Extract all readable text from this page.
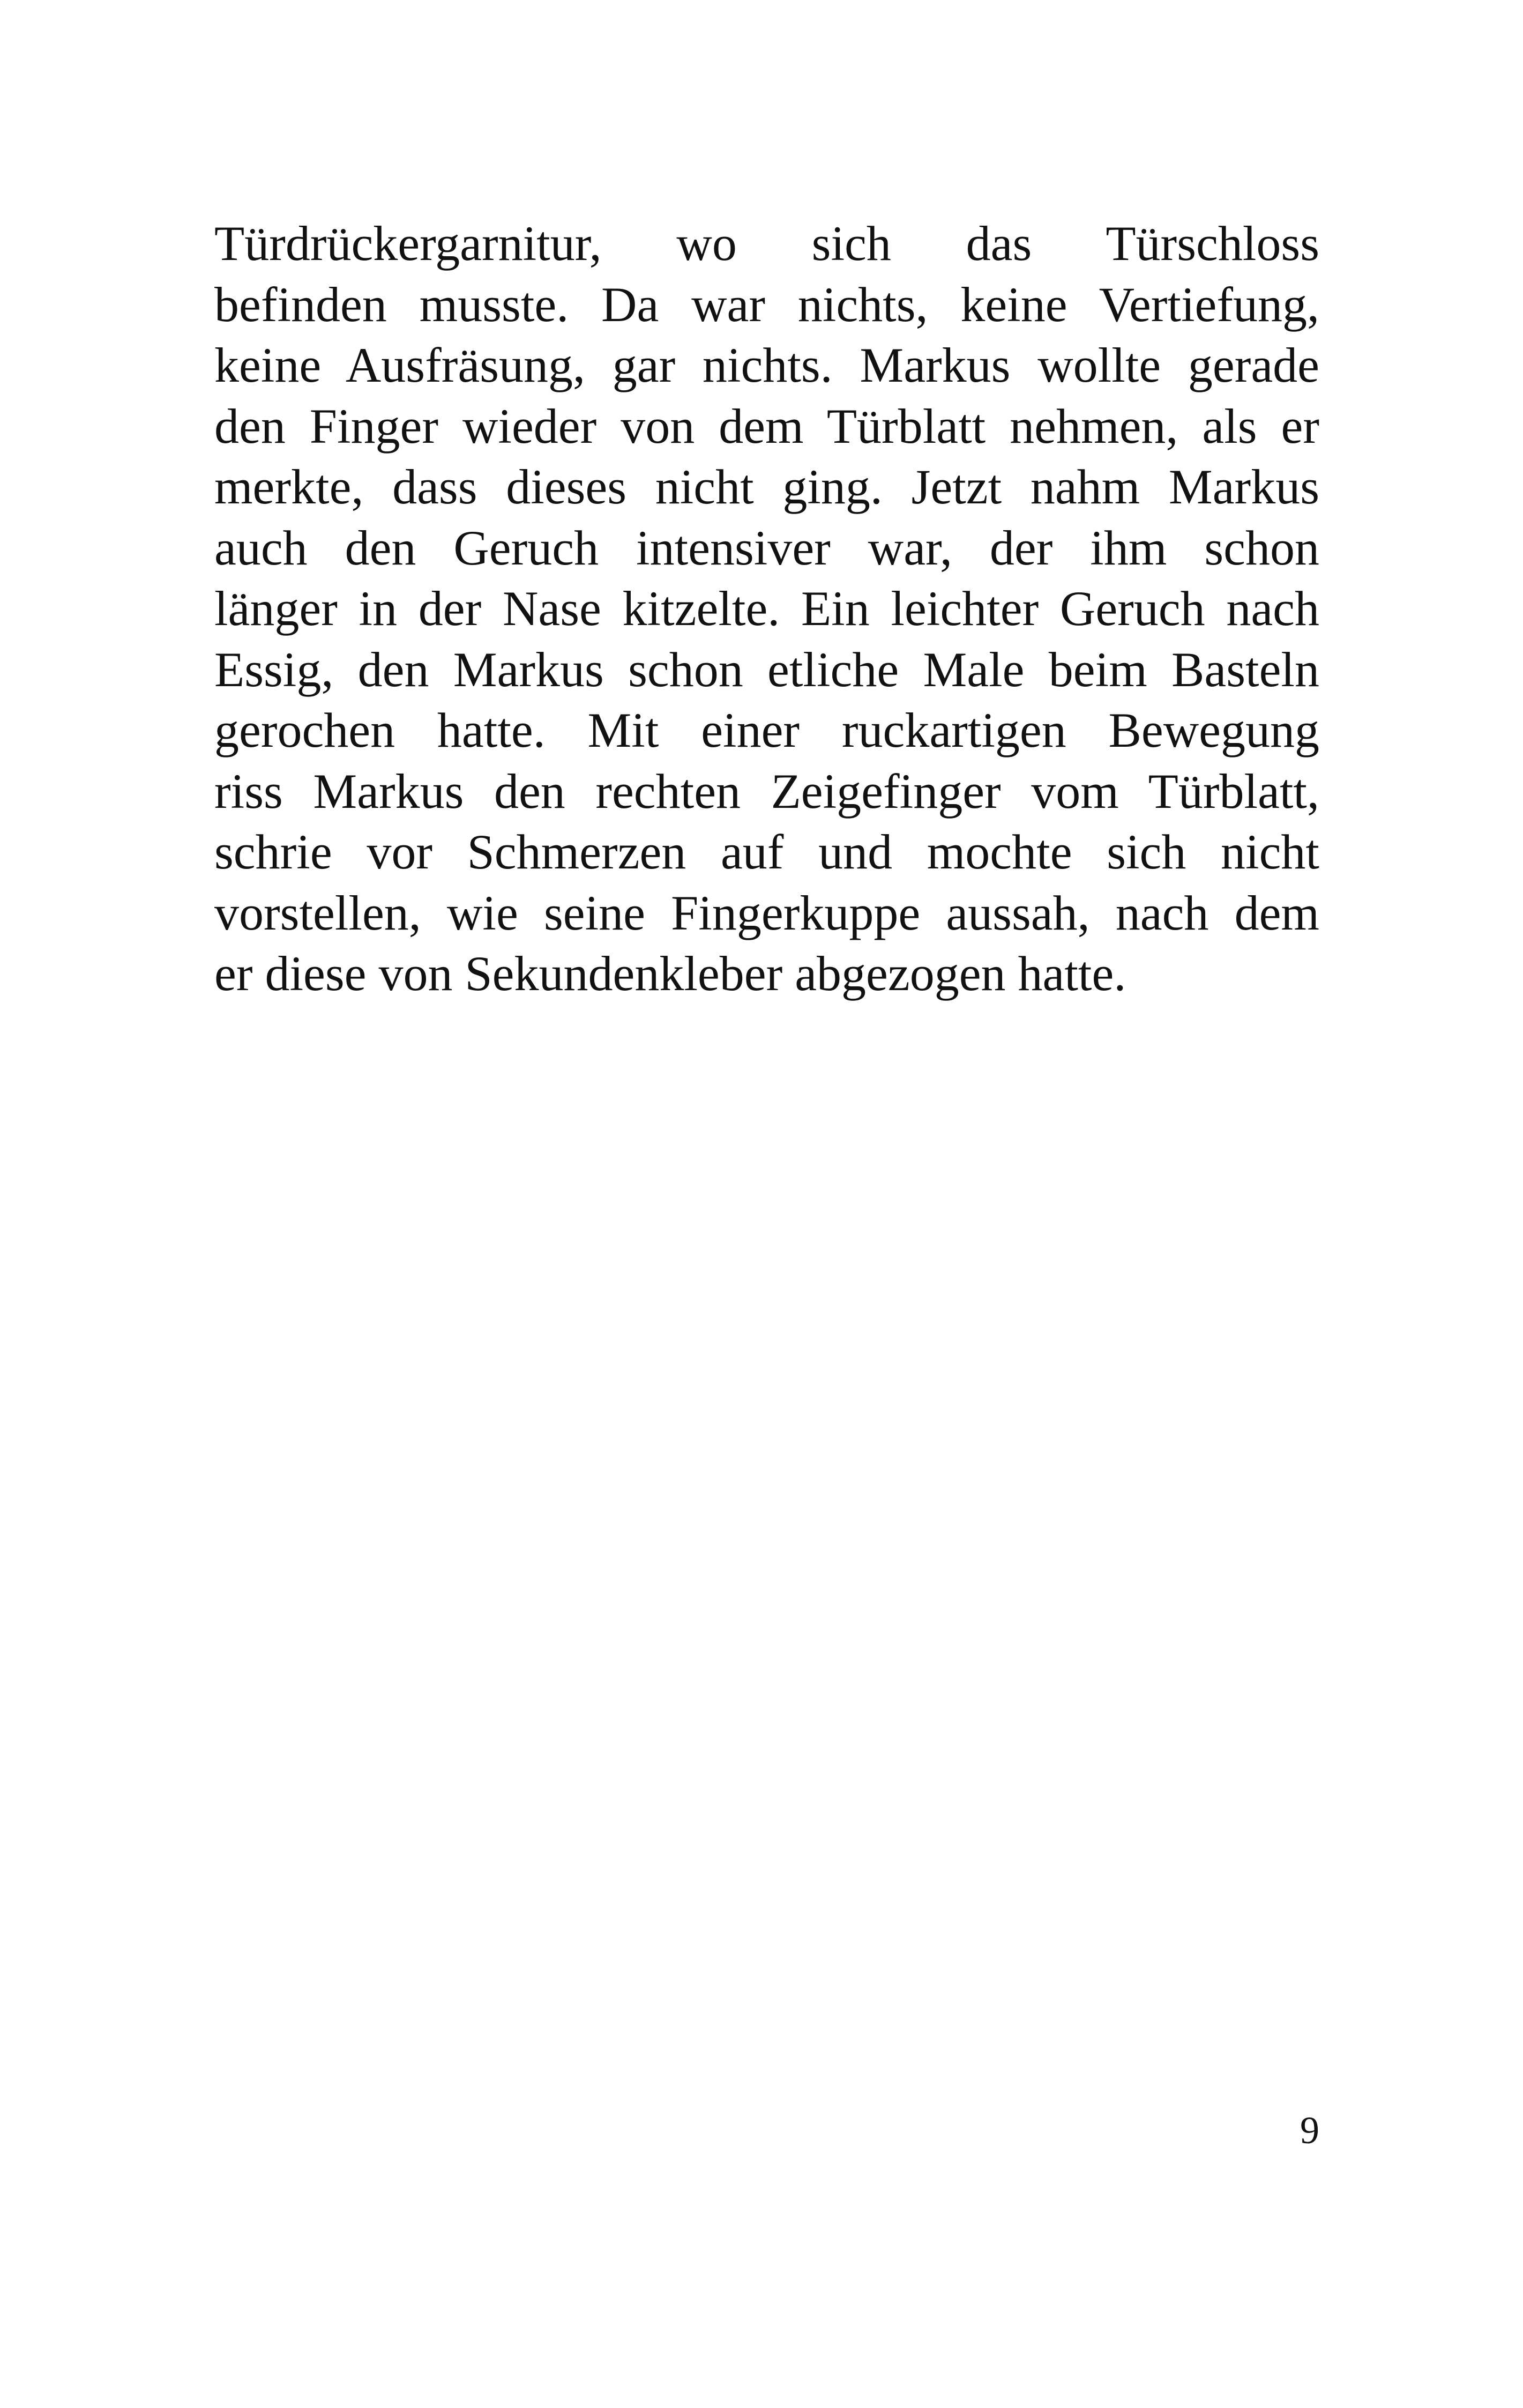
Türdrückergarnitur, wo sich das Türschloss
befinden musste. Da war nichts, keine Vertiefung,
keine Ausfräsung, gar nichts. Markus wollte gerade
den Finger wieder von dem Türblatt nehmen, als er
merkte, dass dieses nicht ging. Jetzt nahm Markus
auch den Geruch intensiver war, der ihm schon
länger in der Nase kitzelte. Ein leichter Geruch nach
Essig, den Markus schon etliche Male beim Basteln
gerochen hatte. Mit einer ruckartigen Bewegung
riss Markus den rechten Zeigefinger vom Türblatt,
schrie vor Schmerzen auf und mochte sich nicht
vorstellen, wie seine Fingerkuppe aussah, nach dem
er diese von Sekundenkleber abgezogen hatte.
9
